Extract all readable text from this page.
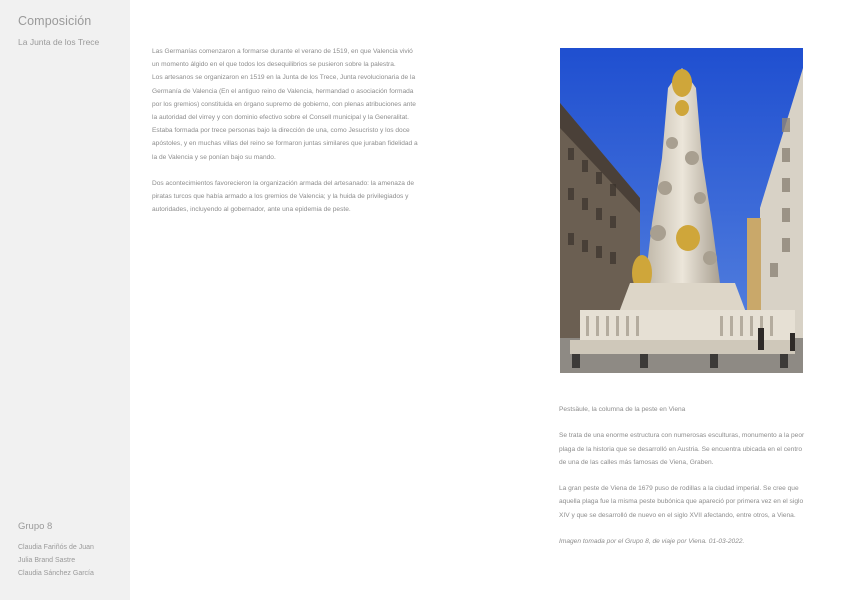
Composición
La Junta de los Trece
Grupo 8
Claudia Fariñós de Juan
Julia Brand Sastre
Claudia Sánchez García

Las Germanías comenzaron a formarse durante el verano de 1519, en que Valencia vivió un momento álgido en el que todos los desequilibrios se pusieron sobre la palestra.

Los artesanos se organizaron en 1519 en la Junta de los Trece, Junta revolucionaria de la Germanía de Valencia (En el antiguo reino de Valencia, hermandad o asociación formada por los gremios) constituida en órgano supremo de gobierno, con plenas atribuciones ante la autoridad del virrey y con dominio efectivo sobre el Consell municipal y la Generalitat. Estaba formada por trece personas bajo la dirección de una, como Jesucristo y los doce apóstoles, y en muchas villas del reino se formaron juntas similares que juraban fidelidad a la de Valencia y se ponían bajo su mando.

Dos acontecimientos favorecieron la organización armada del artesanado: la amenaza de piratas turcos que había armado a los gremios de Valencia; y la huida de privilegiados y autoridades, incluyendo al gobernador, ante una epidemia de peste.

Pestsäule, la columna de la peste en Viena

Se trata de una enorme estructura con numerosas esculturas, monumento a la peor plaga de la historia que se desarrolló en Austria. Se encuentra ubicada en el centro de una de las calles más famosas de Viena, Graben.

La gran peste de Viena de 1679 puso de rodillas a la ciudad imperial. Se cree que aquella plaga fue la misma peste bubónica que apareció por primera vez en el siglo XIV y que se desarrolló de nuevo en el siglo XVII afectando, entre otros, a Viena.

Imagen tomada por el Grupo 8, de viaje por Viena. 01-03-2022.
